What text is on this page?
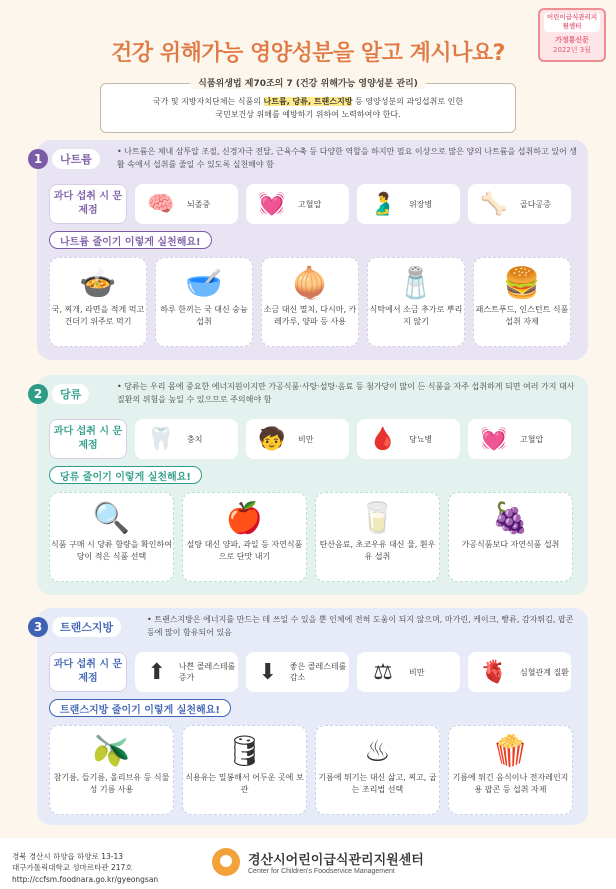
어린이급식관리지원센터
가정통신문
2022년 3월
건강 위해가능 영양성분을 알고 계시나요?
식품위생법 제70조의 7 (건강 위해가능 영양성분 관리)
국가 및 지방자치단체는 식품의 나트륨, 당류, 트랜스지방 등 영양성분의 과잉섭취로 인한
국민보건상 위해를 예방하기 위하여 노력하여야 한다.
1	나트륨
• 나트륨은 체내 삼투압 조절, 신경자극 전달, 근육수축 등 다양한 역할을 하지만 필요 이상으로 많은 양의 나트륨을 섭취하고 있어 생활 속에서 섭취를 줄일 수 있도록 실천해야 함
과다 섭취 시 문제점	🧠	뇌졸중 💓	고혈압 🫃	위장병 🦴	골다공증
나트륨 줄이기 이렇게 실천해요!
🍲
국, 찌개, 라면을 적게 먹고 건더기 위주로 먹기
🥣
하루 한끼는 국 대신 숭늉 섭취
🧅
소금 대신 멸치, 다시마, 카레가루, 양파 등 사용
🧂
식탁에서 소금 추가로 뿌리지 않기
🍔
패스트푸드, 인스턴트 식품 섭취 자제
2	당류
• 당류는 우리 몸에 중요한 에너지원이지만 가공식품·사탕·설탕·음료 등 첨가당이 많이 든 식품을 자주 섭취하게 되면 여러 가지 대사질환의 위험을 높일 수 있으므로 주의해야 함
과다 섭취 시 문제점	🦷	충치	🧒	비만	🩸	당뇨병 💓	고혈압
당류 줄이기 이렇게 실천해요!
🔍
식품 구매 시 당류 함량을 확인하여 당이 적은 식품 선택
🍎
설탕 대신 양파, 과일 등 자연식품으로 단맛 내기
🥛
탄산음료, 초코우유 대신 물, 흰우유 섭취
🍇
가공식품보다 자연식품 섭취
3	트랜스지방
• 트랜스지방은 에너지를 만드는 데 쓰일 수 있을 뿐 인체에 전혀 도움이 되지 않으며, 마가린, 케이크, 빵류, 감자튀김, 팝콘 등에 많이 함유되어 있음
과다 섭취 시 문제점	⬆	나쁜 콜레스테롤 증가	⬇	좋은 콜레스테롤 감소	⚖	비만	🫀	심혈관계 질환
트랜스지방 줄이기 이렇게 실천해요!
🫒
참기름, 들기름, 올리브유 등 식물성 기름 사용
🛢
식용유는 밀봉해서 어두운 곳에 보관
♨
기름에 튀기는 대신 삶고, 찌고, 굽는 조리법 선택
🍿
기름에 튀긴 음식이나 전자레인지용 팝콘 등 섭취 자제
경북 경산시 하양읍 하양로 13-13
대구가톨릭대학교 성마르타관 217호
http://ccfsm.foodnara.go.kr/gyeongsan
경산시어린이급식관리지원센터
Center for Children's Foodservice Management
